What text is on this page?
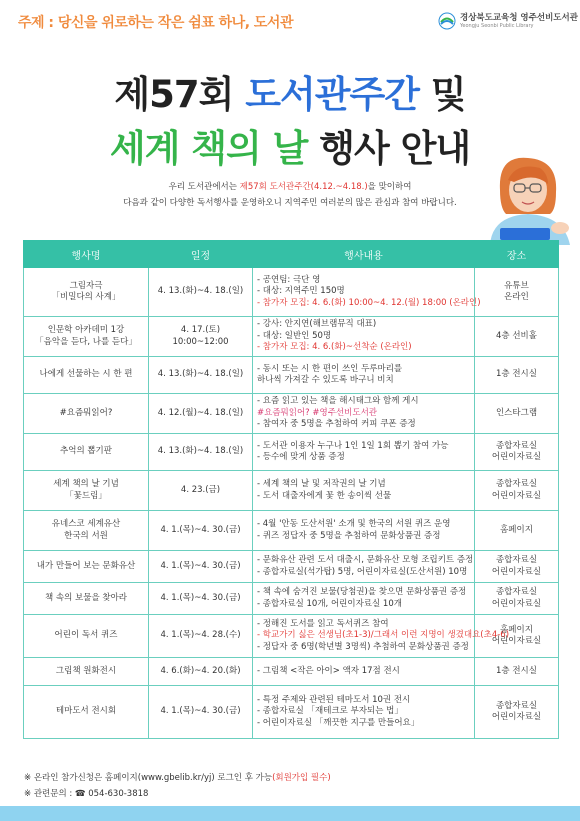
주제 : 당신을 위로하는 작은 쉼표 하나, 도서관	경상북도교육청 영주선비도서관
Yeongju Seonbi Public Library
제57회 도서관주간 및
세계 책의 날 행사 안내
우리 도서관에서는 제57회 도서관주간(4.12.~4.18.)을 맞이하여
다음과 같이 다양한 독서행사를 운영하오니 지역주민 여러분의 많은 관심과 참여 바랍니다.
행사명	일정	행사내용	장소

그림자극
「비밀다의 사계」	4. 13.(화)~4. 18.(일)	- 공연팀: 극단 영
- 대상: 지역주민 150명
- 참가자 모집: 4. 6.(화) 10:00~4. 12.(월) 18:00 (온라인)	유튜브
온라인

인문학 아카데미 1강
「음악을 듣다, 나를 듣다」	4. 17.(토)
10:00~12:00	- 강사: 안지연(해브램뮤직 대표)
- 대상: 일반인 50명
- 참가자 모집: 4. 6.(화)~선착순 (온라인)	4층 선비홀

나에게 선물하는 시 한 편	4. 13.(화)~4. 18.(일)	- 동시 또는 시 한 편이 쓰인 두루마리를
하나씩 가져갈 수 있도록 바구니 비치	1층 전시실

#요즘뭐읽어?	4. 12.(월)~4. 18.(일)	- 요즘 읽고 있는 책을 해시태그와 함께 게시
#요즘뭐읽어? #영주선비도서관
- 참여자 중 5명을 추첨하여 커피 쿠폰 증정	인스타그램

추억의 뽑기판	4. 13.(화)~4. 18.(일)	- 도서관 이용자 누구나 1인 1일 1회 뽑기 참여 가능
- 등수에 맞게 상품 증정	종합자료실
어린이자료실

세계 책의 날 기념
「꽃드림」	4. 23.(금)	- 세계 책의 날 및 저작권의 날 기념
- 도서 대출자에게 꽃 한 송이씩 선물	종합자료실
어린이자료실

유네스코 세계유산
한국의 서원	4. 1.(목)~4. 30.(금)	- 4월 '안동 도산서원' 소개 및 한국의 서원 퀴즈 운영
- 퀴즈 정답자 중 5명을 추첨하여 문화상품권 증정	홈페이지

내가 만들어 보는 문화유산	4. 1.(목)~4. 30.(금)	- 문화유산 관련 도서 대출시, 문화유산 모형 조립키트 증정
- 종합자료실(석가탑) 5명, 어린이자료실(도산서원) 10명	종합자료실
어린이자료실

책 속의 보물을 찾아라	4. 1.(목)~4. 30.(금)	- 책 속에 숨겨진 보물(당첨권)을 찾으면 문화상품권 증정
- 종합자료실 10개, 어린이자료실 10개	종합자료실
어린이자료실

어린이 독서 퀴즈	4. 1.(목)~4. 28.(수)	- 정해진 도서를 읽고 독서퀴즈 참여
- 학교가기 싫은 선생님(초1-3)/그래서 이런 지명이 생겼대요(초4-6)
- 정답자 중 6명(학년별 3명씩) 추첨하여 문화상품권 증정	홈페이지
어린이자료실

그림책 원화전시	4. 6.(화)~4. 20.(화)	- 그림책 <작은 아이> 액자 17점 전시	1층 전시실

테마도서 전시회	4. 1.(목)~4. 30.(금)	- 특정 주제와 관련된 테마도서 10권 전시
- 종합자료실 「재테크로 부자되는 법」
- 어린이자료실 「깨끗한 지구를 만들어요」	종합자료실
어린이자료실
※ 온라인 참가신청은 홈페이지(www.gbelib.kr/yj) 로그인 후 가능(회원가입 필수)
※ 관련문의 : ☎ 054-630-3818
